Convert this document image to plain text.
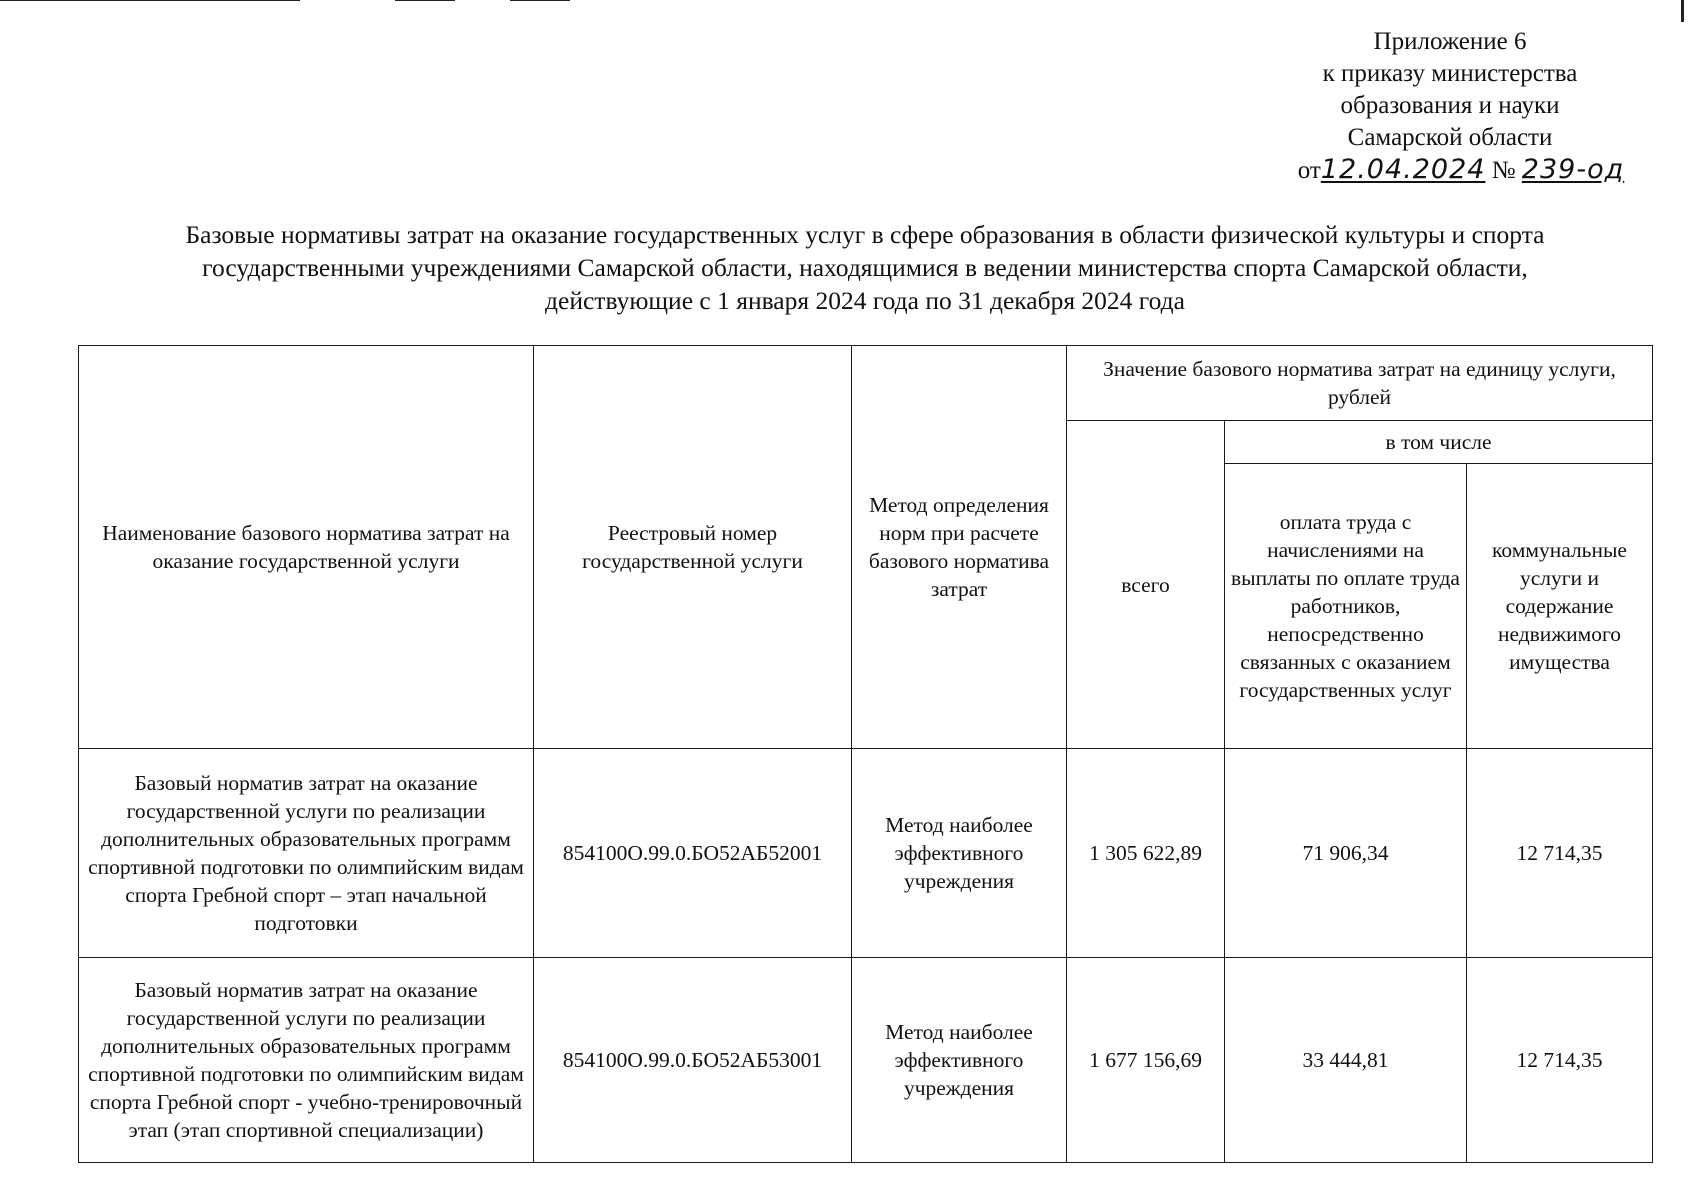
Приложение 6
к приказу министерства
образования и науки
Самарской области
от12.04.2024 № 239-од
Базовые нормативы затрат на оказание государственных услуг в сфере образования в области физической культуры и спорта
государственными учреждениями Самарской области, находящимися в ведении министерства спорта Самарской области,
действующие с 1 января 2024 года по 31 декабря 2024 года
Наименование базового норматива затрат на оказание государственной услуги	Реестровый номер государственной услуги	Метод определения норм при расчете базового норматива затрат	Значение базового норматива затрат на единицу услуги, рублей		
			всего	в том числе	
				оплата труда с начислениями на выплаты по оплате труда работников, непосредственно связанных с оказанием государственных услуг	коммунальные услуги и содержание недвижимого имущества
Базовый норматив затрат на оказание государственной услуги по реализации дополнительных образовательных программ спортивной подготовки по олимпийским видам спорта Гребной спорт – этап начальной подготовки	854100О.99.0.БО52АБ52001	Метод наиболее эффективного учреждения	1 305 622,89	71 906,34	12 714,35
Базовый норматив затрат на оказание государственной услуги по реализации дополнительных образовательных программ спортивной подготовки по олимпийским видам спорта Гребной спорт - учебно-тренировочный этап (этап спортивной специализации)	854100О.99.0.БО52АБ53001	Метод наиболее эффективного учреждения	1 677 156,69	33 444,81	12 714,35
